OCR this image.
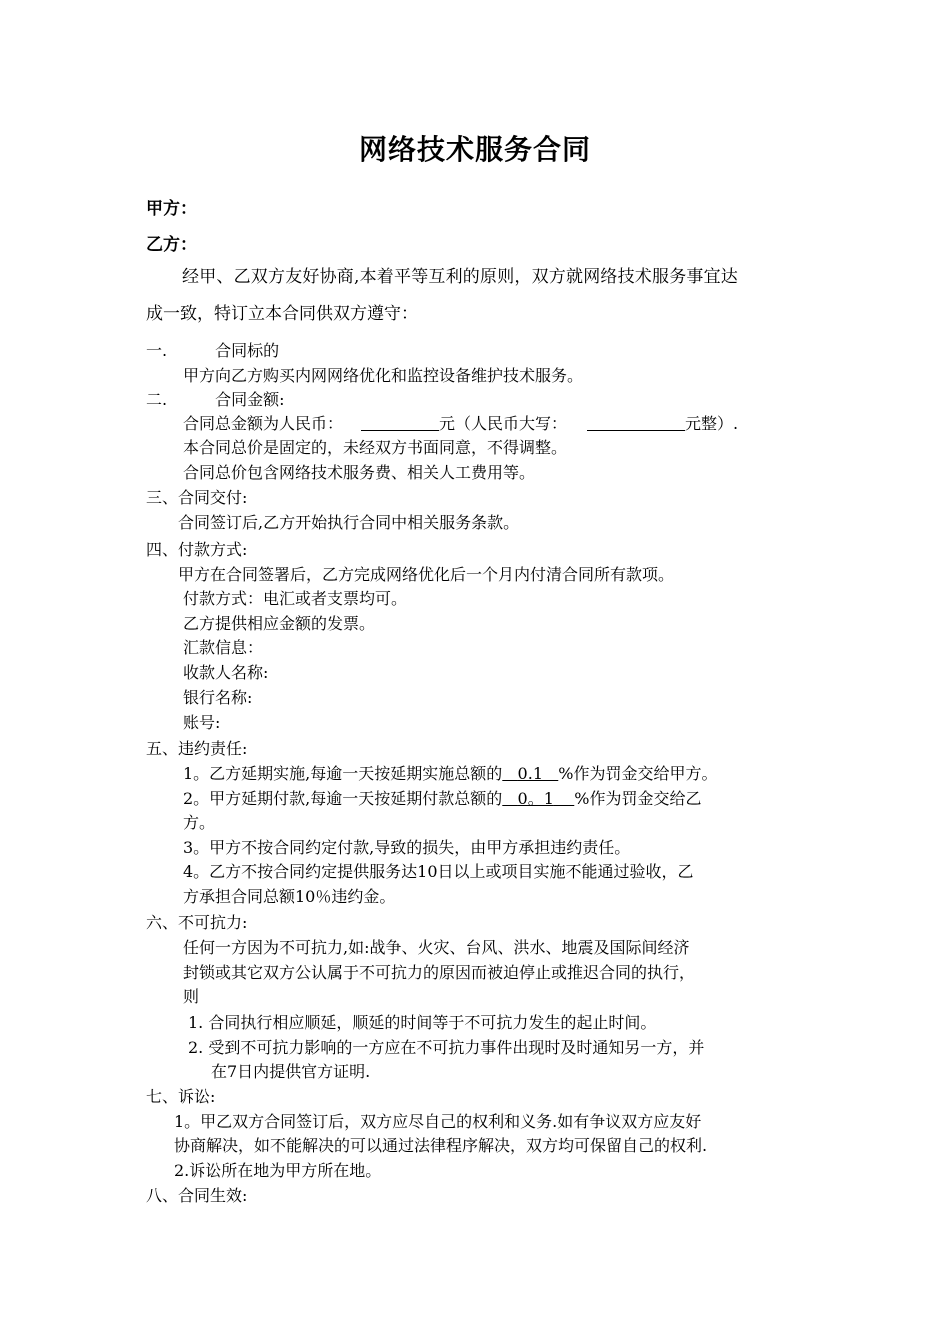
网络技术服务合同
甲方：
乙方：
经甲、乙双方友好协商,本着平等互利的原则，双方就网络技术服务事宜达
成一致，特订立本合同供双方遵守：
一.	合同标的
甲方向乙方购买内网网络优化和监控设备维护技术服务。
二.	合同金额:
合同总金额为人民币：	元（人民币大写：	元整）.
本合同总价是固定的，未经双方书面同意，不得调整。
合同总价包含网络技术服务费、相关人工费用等。
三、合同交付:
合同签订后,乙方开始执行合同中相关服务条款。
四、付款方式:
甲方在合同签署后，乙方完成网络优化后一个月内付清合同所有款项。
付款方式：电汇或者支票均可。
乙方提供相应金额的发票。
汇款信息：
收款人名称:
银行名称:
账号:
五、违约责任:
1。乙方延期实施,每逾一天按延期实施总额的 0.1 %作为罚金交给甲方。
2。甲方延期付款,每逾一天按延期付款总额的 0。1 %作为罚金交给乙
方。
3。甲方不按合同约定付款,导致的损失，由甲方承担违约责任。
4。乙方不按合同约定提供服务达10日以上或项目实施不能通过验收，乙
方承担合同总额10％违约金。
六、不可抗力:
任何一方因为不可抗力,如:战争、火灾、台风、洪水、地震及国际间经济
封锁或其它双方公认属于不可抗力的原因而被迫停止或推迟合同的执行，
则
1. 合同执行相应顺延，顺延的时间等于不可抗力发生的起止时间。
2. 受到不可抗力影响的一方应在不可抗力事件出现时及时通知另一方，并
在7日内提供官方证明.
七、诉讼:
1。甲乙双方合同签订后，双方应尽自己的权利和义务.如有争议双方应友好
协商解决，如不能解决的可以通过法律程序解决，双方均可保留自己的权利.
2.诉讼所在地为甲方所在地。
八、合同生效:
